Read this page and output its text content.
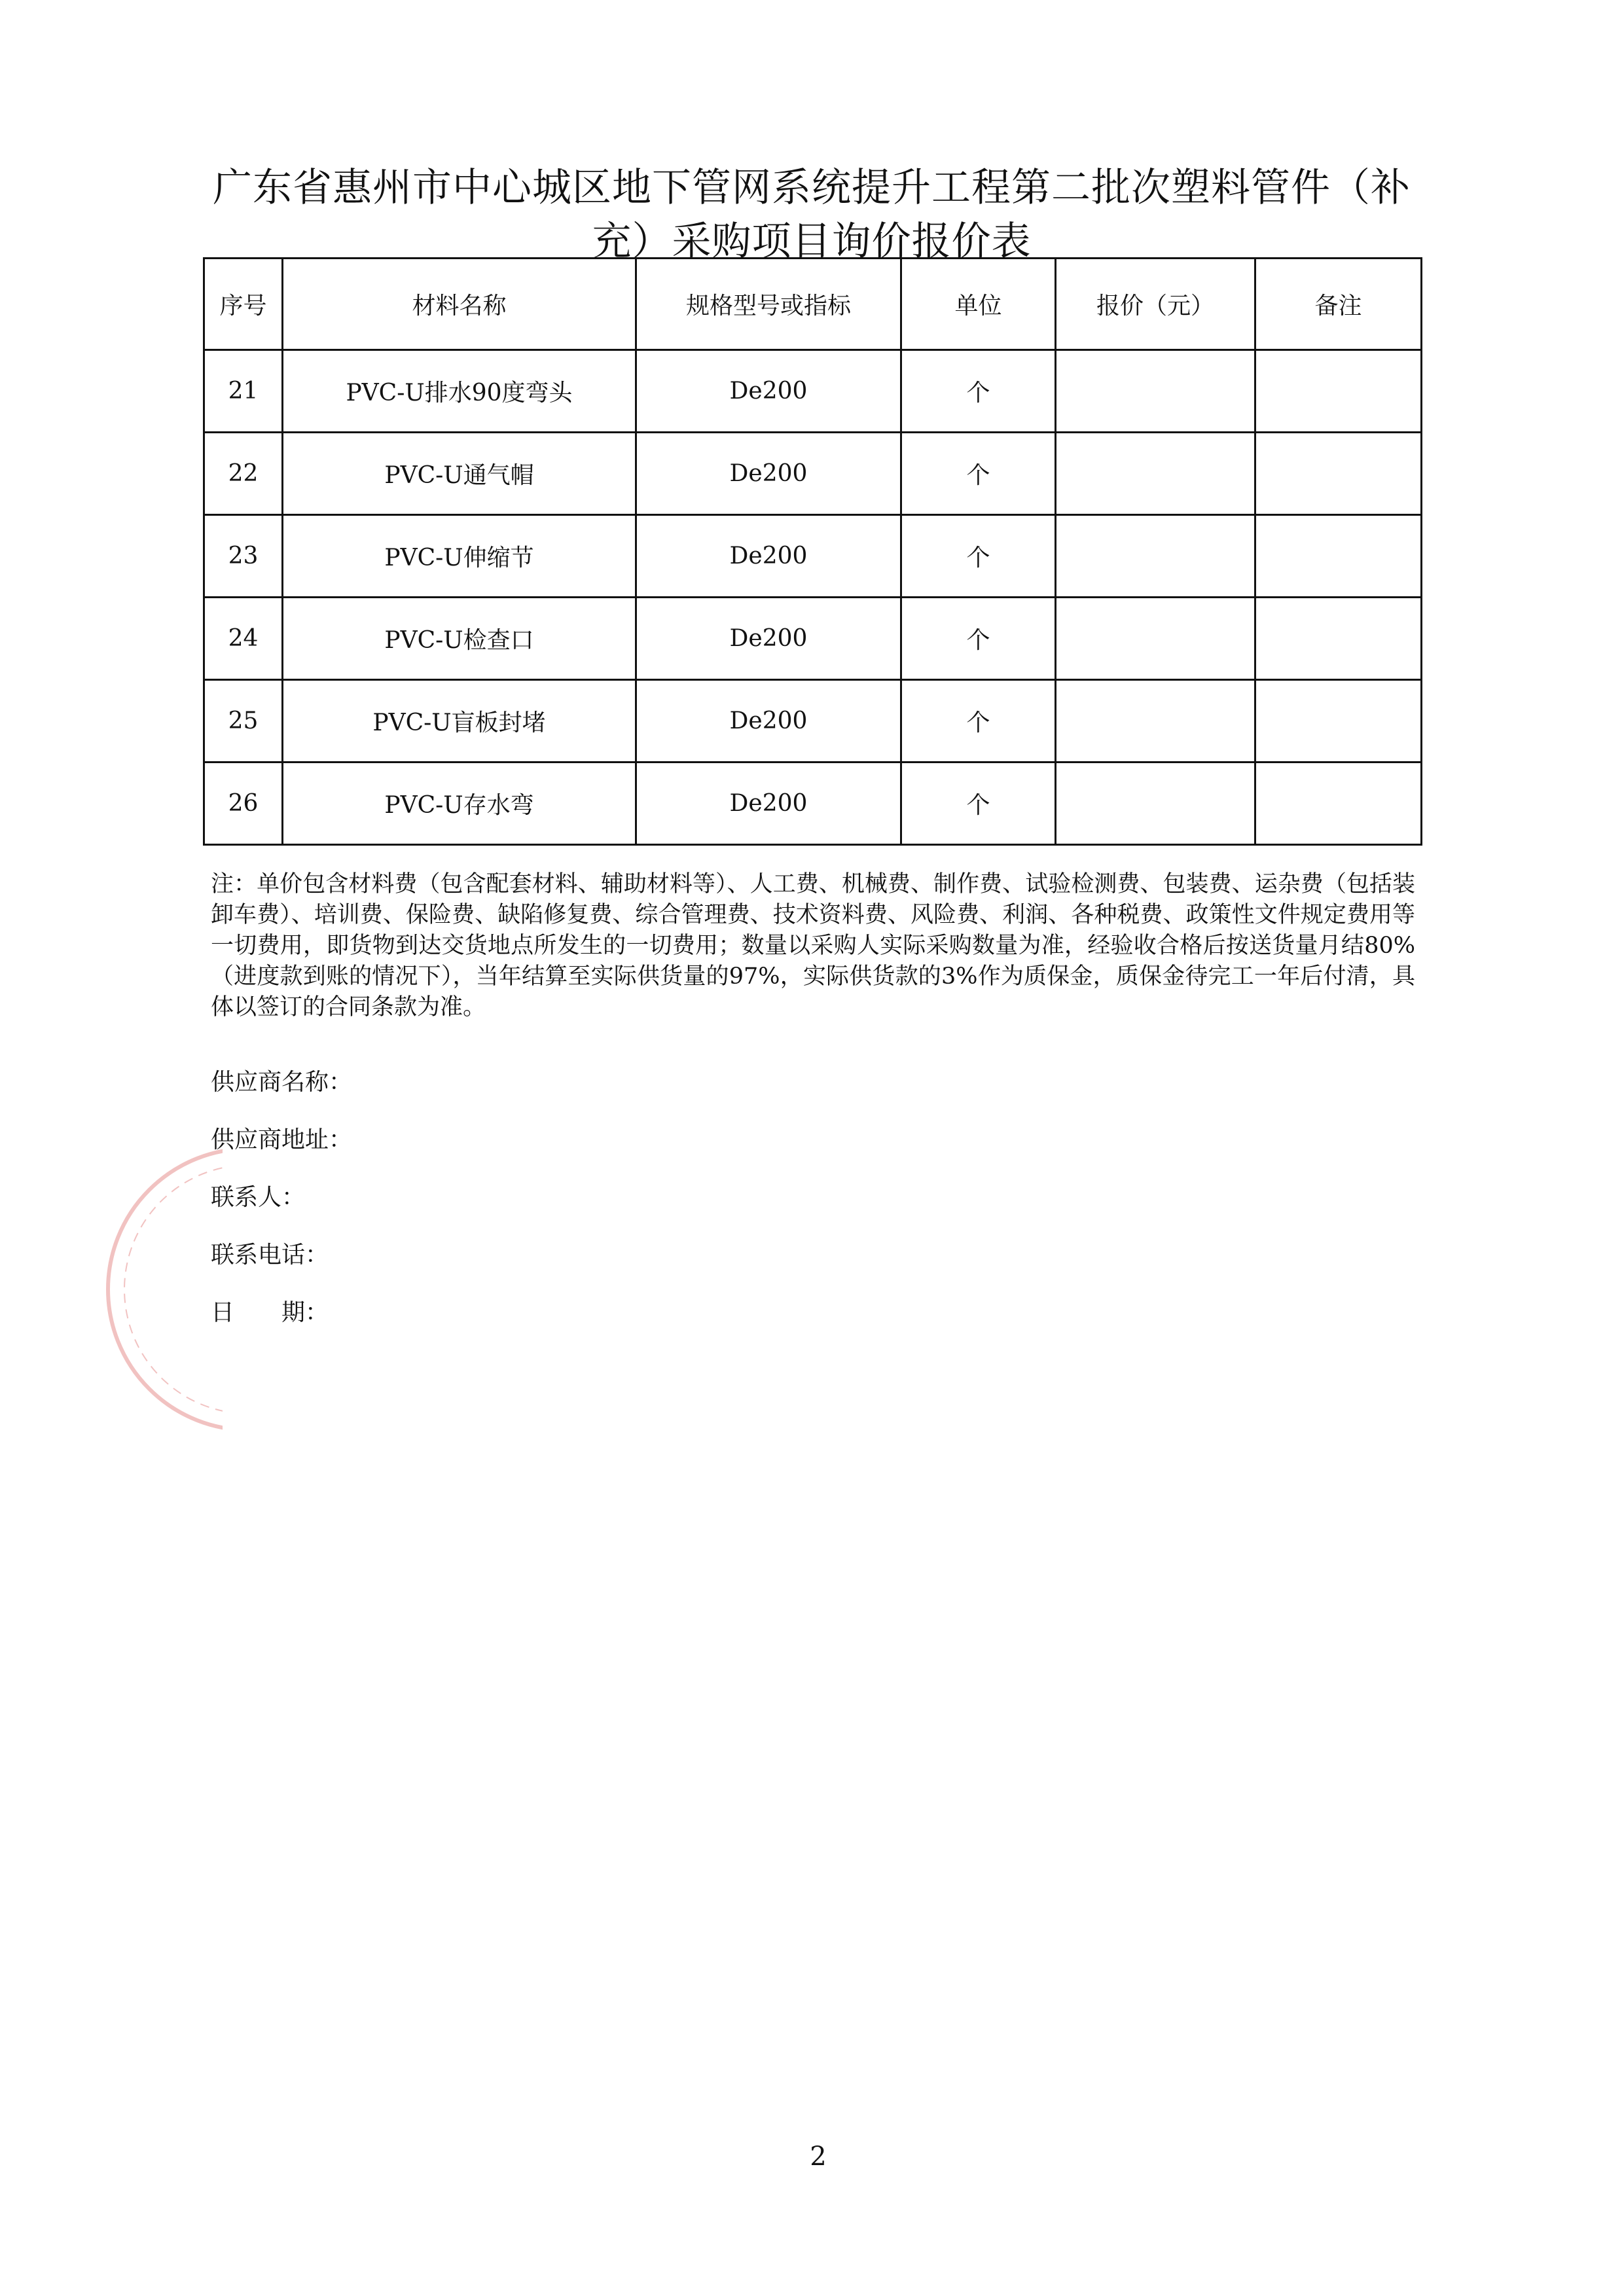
广东省惠州市中心城区地下管网系统提升工程第二批次塑料管件（补充）采购项目询价报价表
序号	材料名称	规格型号或指标	单位	报价（元）	备注
21	PVC-U排水90度弯头	De200	个		
22	PVC-U通气帽	De200	个		
23	PVC-U伸缩节	De200	个		
24	PVC-U检查口	De200	个		
25	PVC-U盲板封堵	De200	个		
26	PVC-U存水弯	De200	个		

注：单价包含材料费（包含配套材料、辅助材料等）、人工费、机械费、制作费、试验检测费、包装费、运杂费（包括装卸车费）、培训费、保险费、缺陷修复费、综合管理费、技术资料费、风险费、利润、各种税费、政策性文件规定费用等一切费用，即货物到达交货地点所发生的一切费用；数量以采购人实际采购数量为准，经验收合格后按送货量月结80%（进度款到账的情况下），当年结算至实际供货量的97%，实际供货款的3%作为质保金，质保金待完工一年后付清，具体以签订的合同条款为准。

供应商名称：
供应商地址：
联系人：
联系电话：
日　　期：
2
